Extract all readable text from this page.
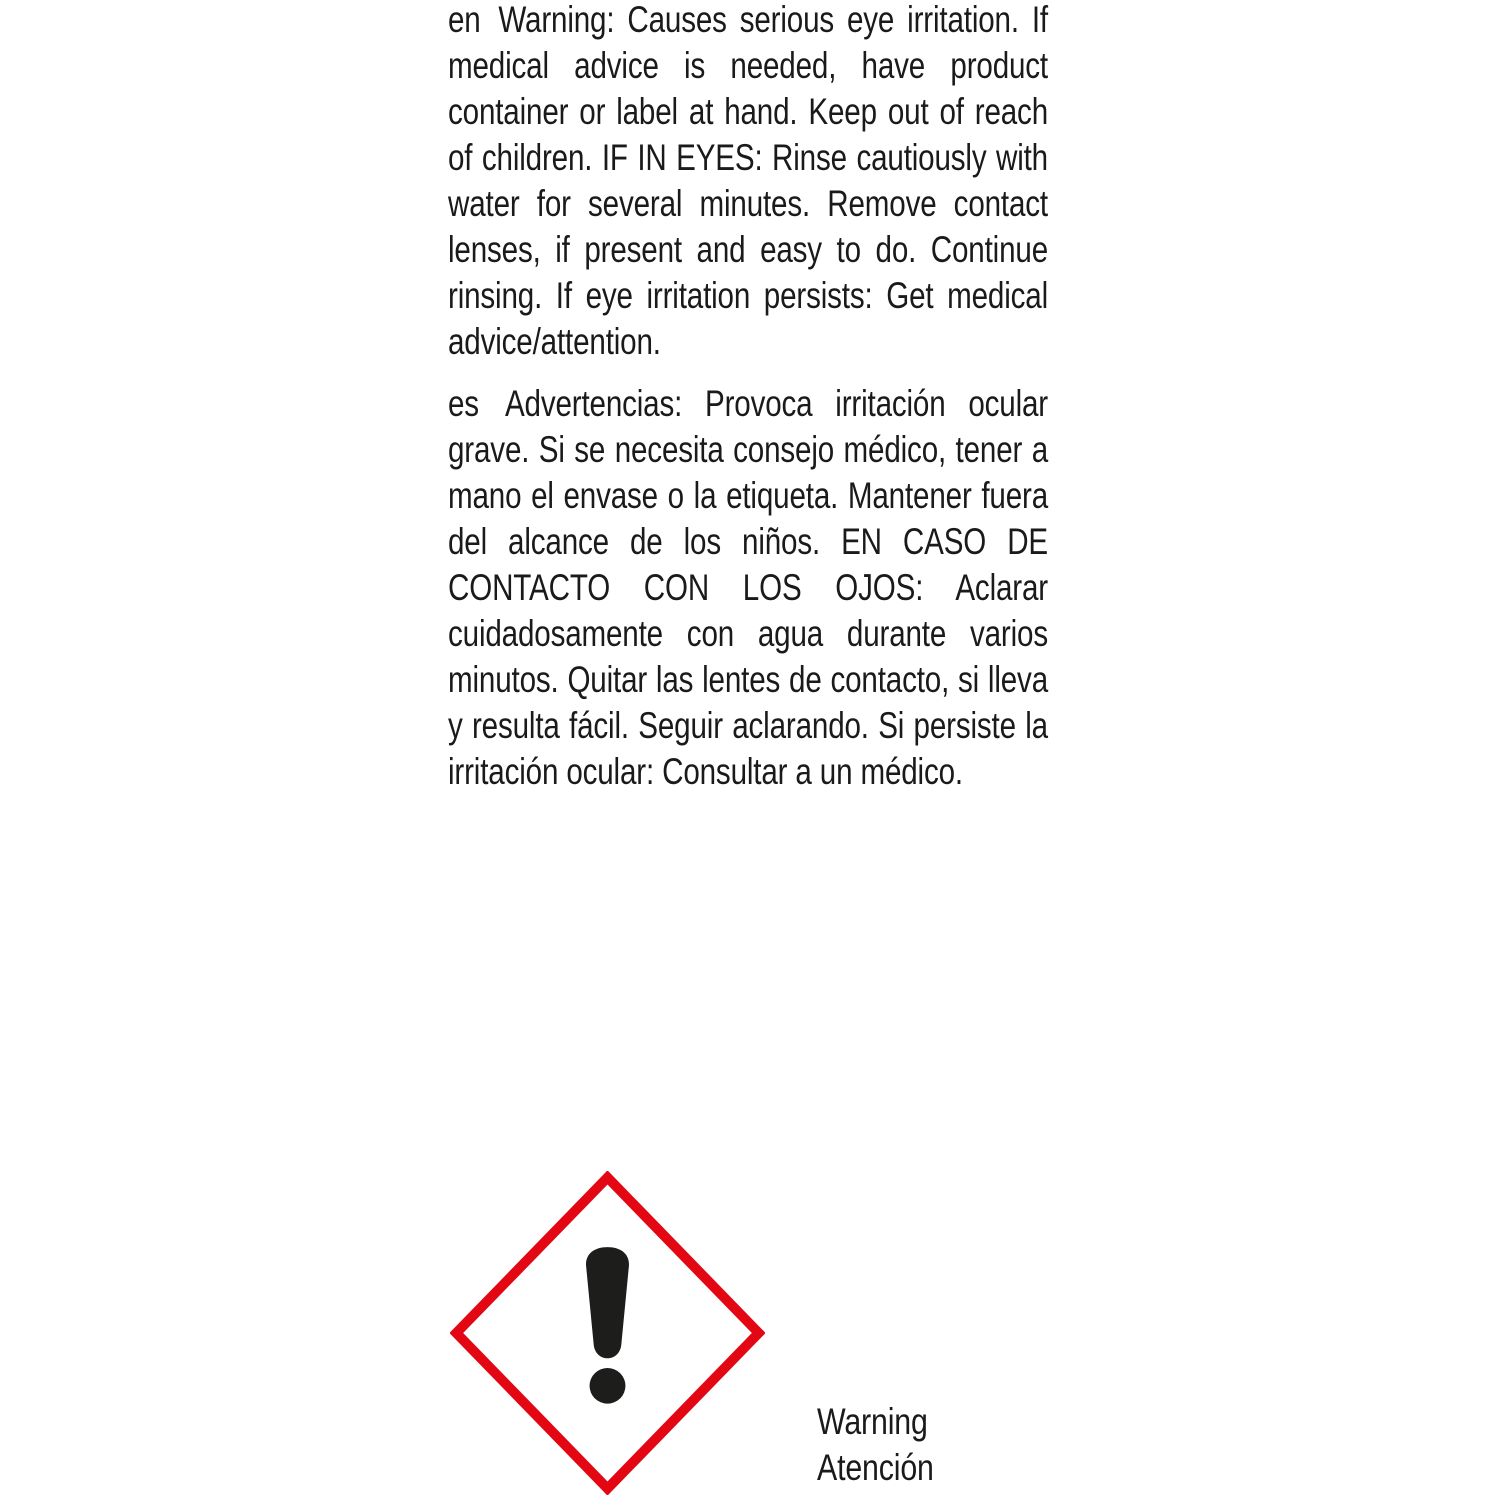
en Warning: Causes serious eye irritation. If medical advice is needed, have product container or label at hand. Keep out of reach of children. IF IN EYES: Rinse cautiously with water for several minutes. Remove contact lenses, if present and easy to do. Continue rinsing. If eye irritation persists: Get medical advice/attention.

es Advertencias: Provoca irritación ocular grave. Si se necesita consejo médico, tener a mano el envase o la etiqueta. Mantener fuera del alcance de los niños. EN CASO DE CONTACTO CON LOS OJOS: Aclarar cuidadosamente con agua durante varios minutos. Quitar las lentes de contacto, si lleva y resulta fácil. Seguir aclarando. Si persiste la irritación ocular: Consultar a un médico.

Warning
Atención
